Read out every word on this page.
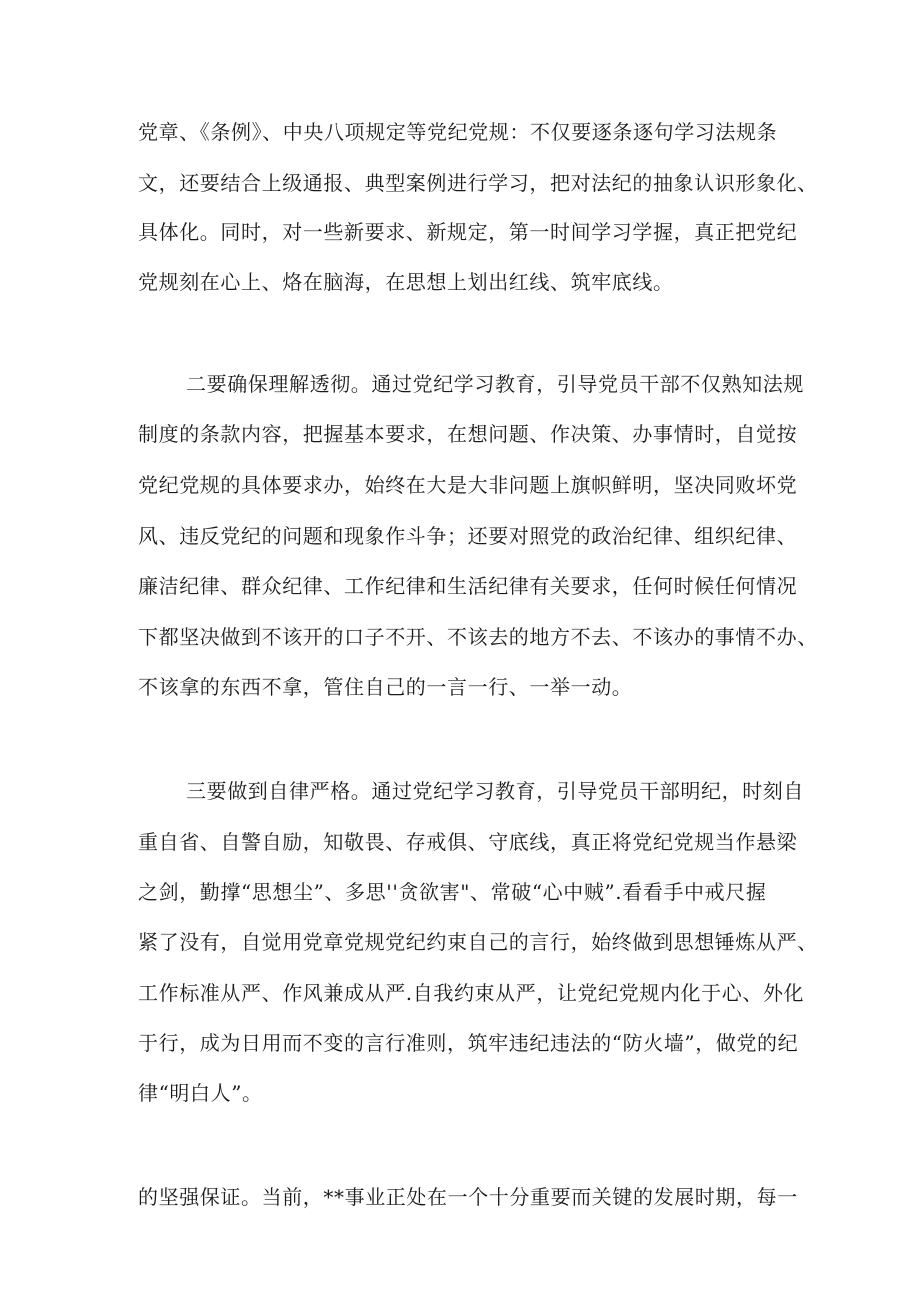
党章、《条例》、中央八项规定等党纪党规：不仅要逐条逐句学习法规条
文，还要结合上级通报、典型案例进行学习，把对法纪的抽象认识形象化、
具体化。同时，对一些新要求、新规定，第一时间学习学握，真正把党纪
党规刻在心上、烙在脑海，在思想上划出红线、筑牢底线。
二要确保理解透彻。通过党纪学习教育，引导党员干部不仅熟知法规
制度的条款内容，把握基本要求，在想问题、作决策、办事情时，自觉按
党纪党规的具体要求办，始终在大是大非问题上旗帜鲜明，坚决同败坏党
风、违反党纪的问题和现象作斗争；还要对照党的政治纪律、组织纪律、
廉洁纪律、群众纪律、工作纪律和生活纪律有关要求，任何时候任何情况
下都坚决做到不该开的口子不开、不该去的地方不去、不该办的事情不办、
不该拿的东西不拿，管住自己的一言一行、一举一动。
三要做到自律严格。通过党纪学习教育，引导党员干部明纪，时刻自
重自省、自警自励，知敬畏、存戒俱、守底线，真正将党纪党规当作悬梁
之剑，勤撑“思想尘”、多思''贪欲害"、常破“心中贼”.看看手中戒尺握
紧了没有，自觉用党章党规党纪约束自己的言行，始终做到思想锤炼从严、
工作标准从严、作风兼成从严.自我约束从严，让党纪党规内化于心、外化
于行，成为日用而不变的言行准则，筑牢违纪违法的“防火墙”，做党的纪
律“明白人”。
的坚强保证。当前，**事业正处在一个十分重要而关键的发展时期，每一
